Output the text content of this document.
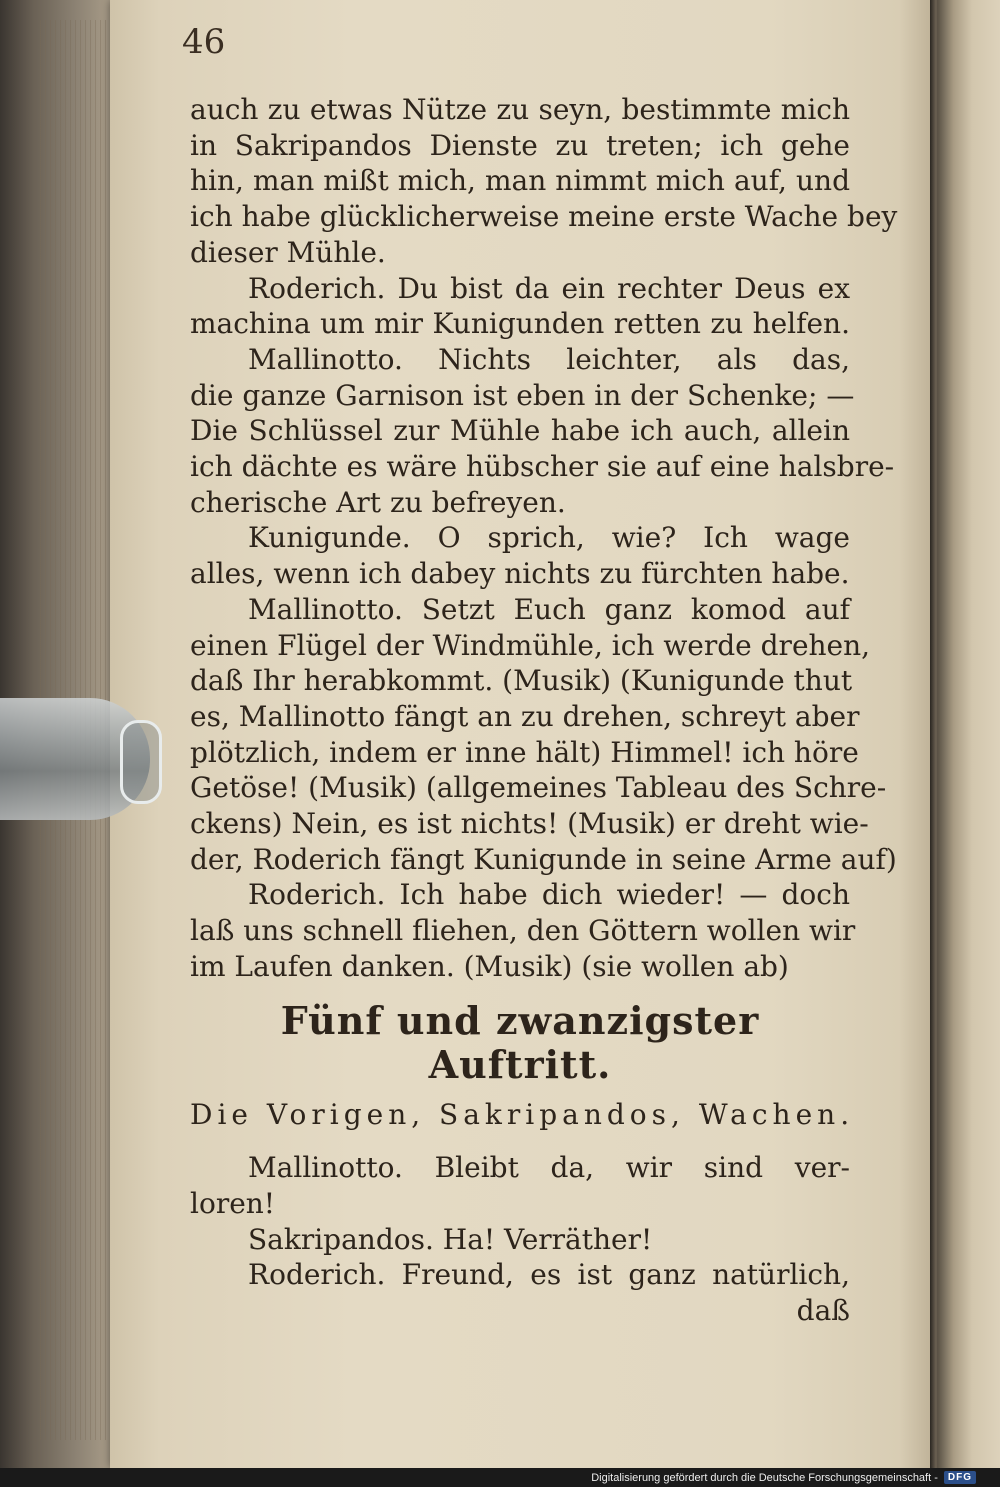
46
auch zu etwas Nütze zu seyn, bestimmte mich
in Sakripandos Dienste zu treten; ich gehe
hin, man mißt mich, man nimmt mich auf, und
ich habe glücklicherweise meine erste Wache bey
dieser Mühle.
Roderich. Du bist da ein rechter Deus ex
machina um mir Kunigunden retten zu helfen.
Mallinotto. Nichts leichter, als das,
die ganze Garnison ist eben in der Schenke; —
Die Schlüssel zur Mühle habe ich auch, allein
ich dächte es wäre hübscher sie auf eine halsbre-
cherische Art zu befreyen.
Kunigunde. O sprich, wie? Ich wage
alles, wenn ich dabey nichts zu fürchten habe.
Mallinotto. Setzt Euch ganz komod auf
einen Flügel der Windmühle, ich werde drehen,
daß Ihr herabkommt. (Musik) (Kunigunde thut
es, Mallinotto fängt an zu drehen, schreyt aber
plötzlich, indem er inne hält) Himmel! ich höre
Getöse! (Musik) (allgemeines Tableau des Schre-
ckens) Nein, es ist nichts! (Musik) er dreht wie-
der, Roderich fängt Kunigunde in seine Arme auf)
Roderich. Ich habe dich wieder! — doch
laß uns schnell fliehen, den Göttern wollen wir
im Laufen danken. (Musik) (sie wollen ab)
Fünf und zwanzigster Auftritt.
Die Vorigen, Sakripandos, Wachen.
Mallinotto. Bleibt da, wir sind ver-
loren!
Sakripandos. Ha! Verräther!
Roderich. Freund, es ist ganz natürlich,
daß
Digitalisierung gefördert durch die Deutsche Forschungsgemeinschaft -	DFG
